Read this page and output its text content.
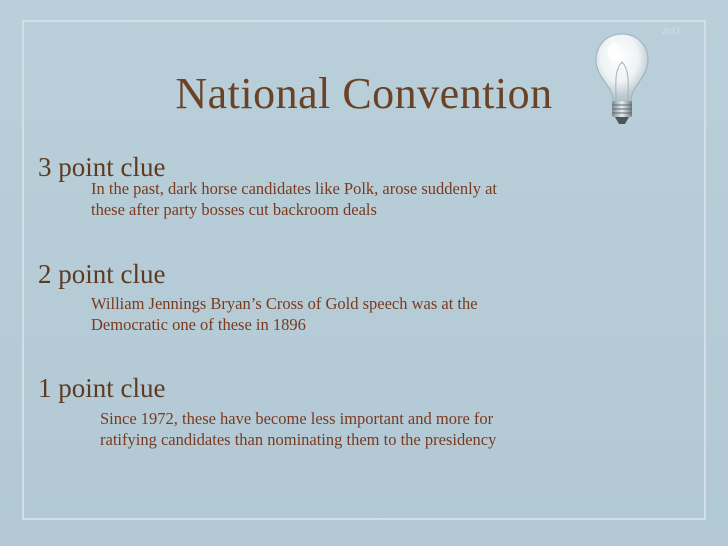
2013
National Convention
3 point clue
In the past, dark horse candidates like Polk, arose suddenly at
these after party bosses cut backroom deals
2 point clue
William Jennings Bryan’s Cross of Gold speech was at the
Democratic one of these in 1896
1 point clue
Since 1972, these have become less important and more for
ratifying candidates than nominating them to the presidency
